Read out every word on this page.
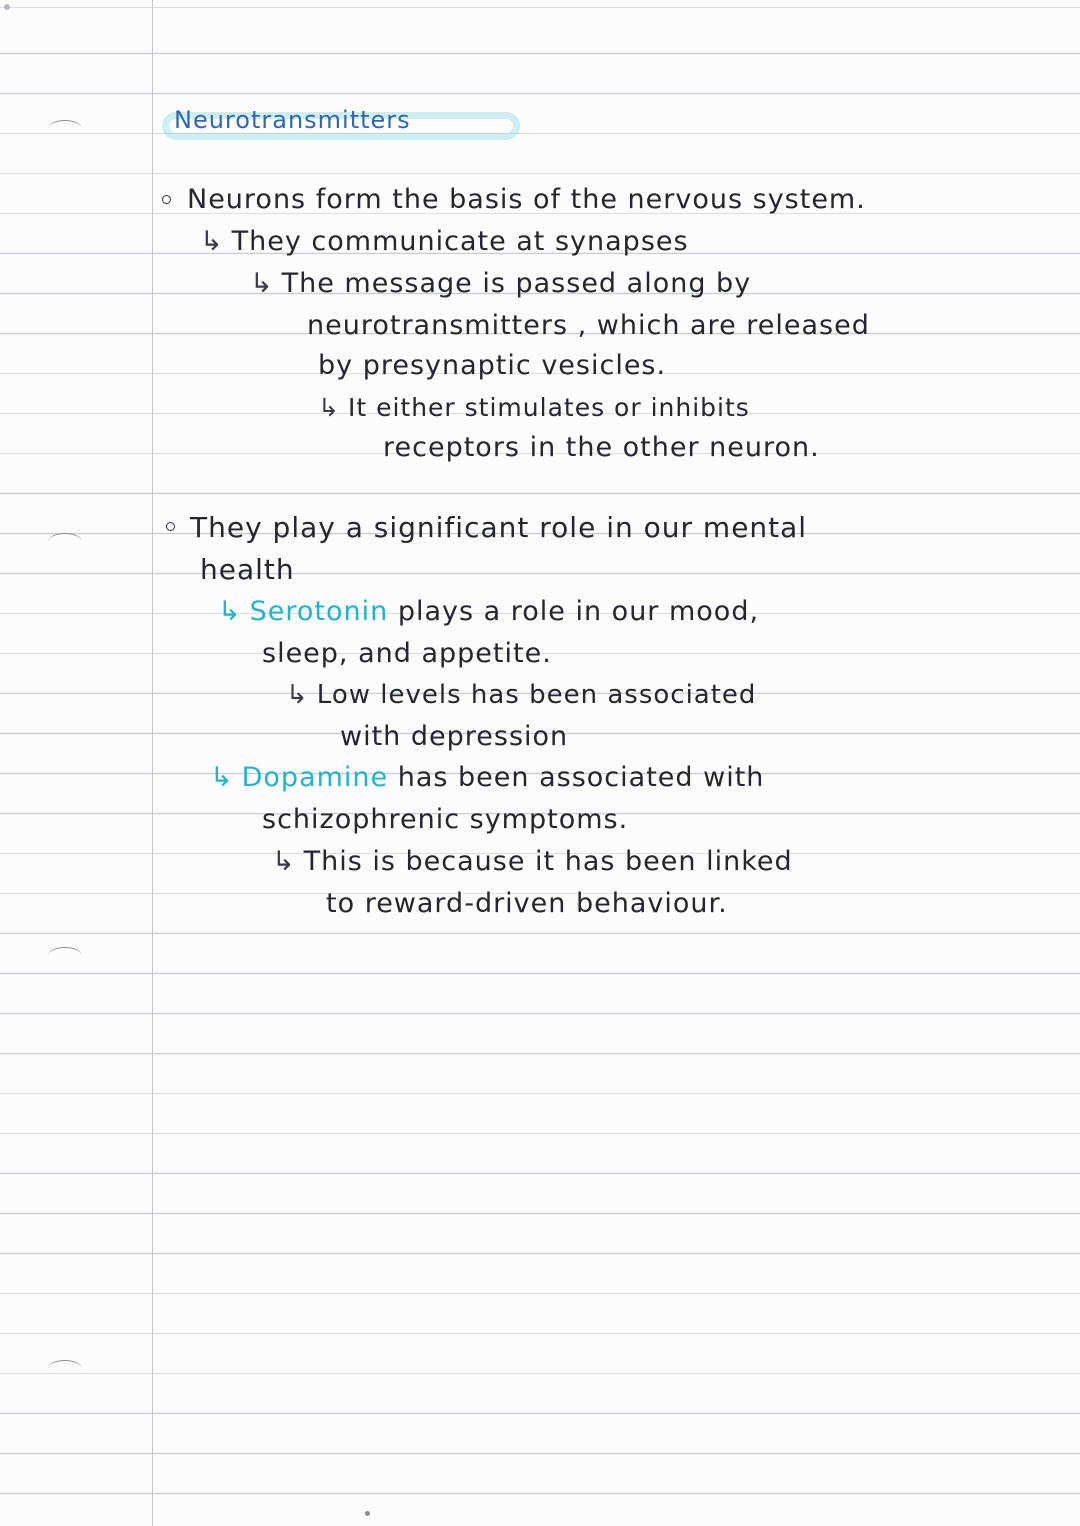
Neurotransmitters
Neurons form the basis of the nervous system.
↳ They communicate at synapses
↳ The message is passed along by
neurotransmitters , which are released
by presynaptic vesicles.
↳ It either stimulates or inhibits
receptors in the other neuron.
They play a significant role in our mental
health
↳ Serotonin plays a role in our mood,
sleep, and appetite.
↳ Low levels has been associated
with depression
↳ Dopamine has been associated with
schizophrenic symptoms.
↳ This is because it has been linked
to reward-driven behaviour.
